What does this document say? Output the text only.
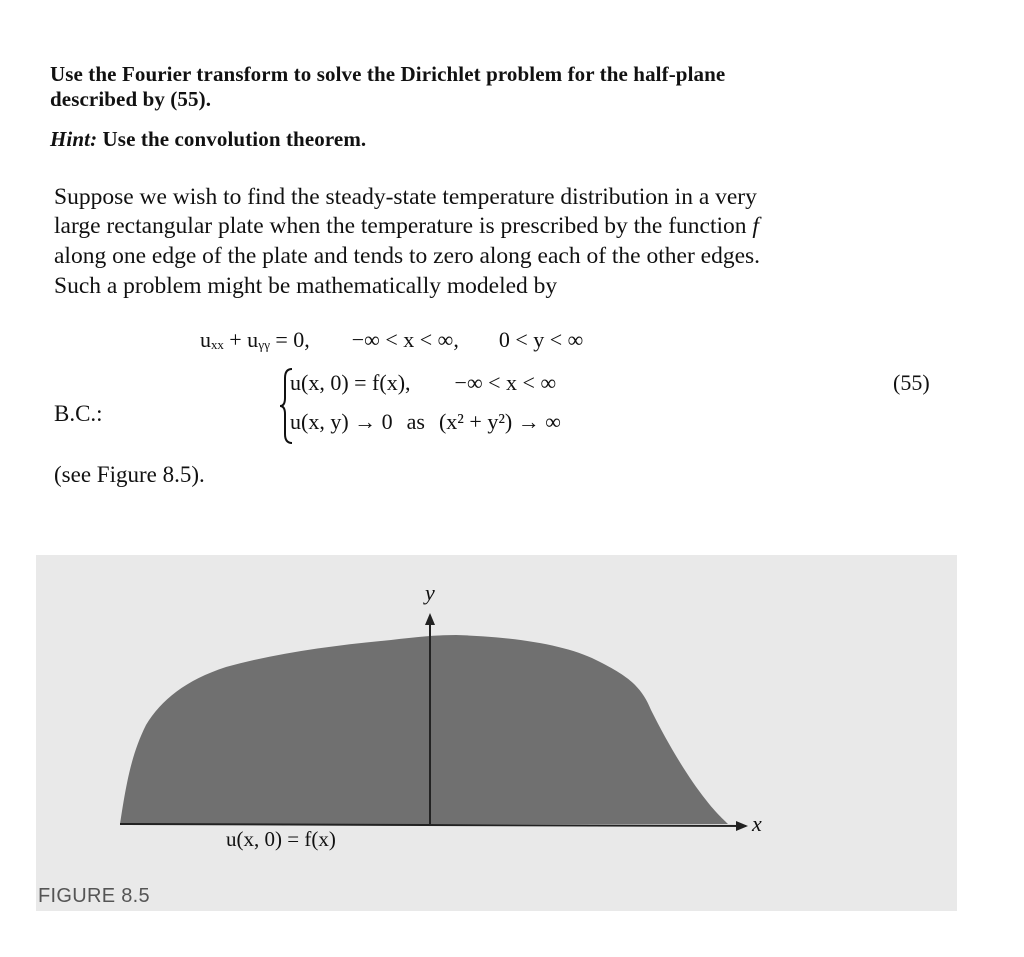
Use the Fourier transform to solve the Dirichlet problem for the half-plane
described by (55).
Hint: Use the convolution theorem.
Suppose we wish to find the steady-state temperature distribution in a very
large rectangular plate when the temperature is prescribed by the function f
along one edge of the plate and tends to zero along each of the other edges.
Such a problem might be mathematically modeled by
uₓₓ + uᵧᵧ = 0, −∞ < x < ∞, 0 < y < ∞
B.C.:
u(x, 0) = f(x), −∞ < x < ∞
u(x, y) → 0 as (x² + y²) → ∞
(55)
(see Figure 8.5).
y
x
u(x, 0) = f(x)
FIGURE 8.5
